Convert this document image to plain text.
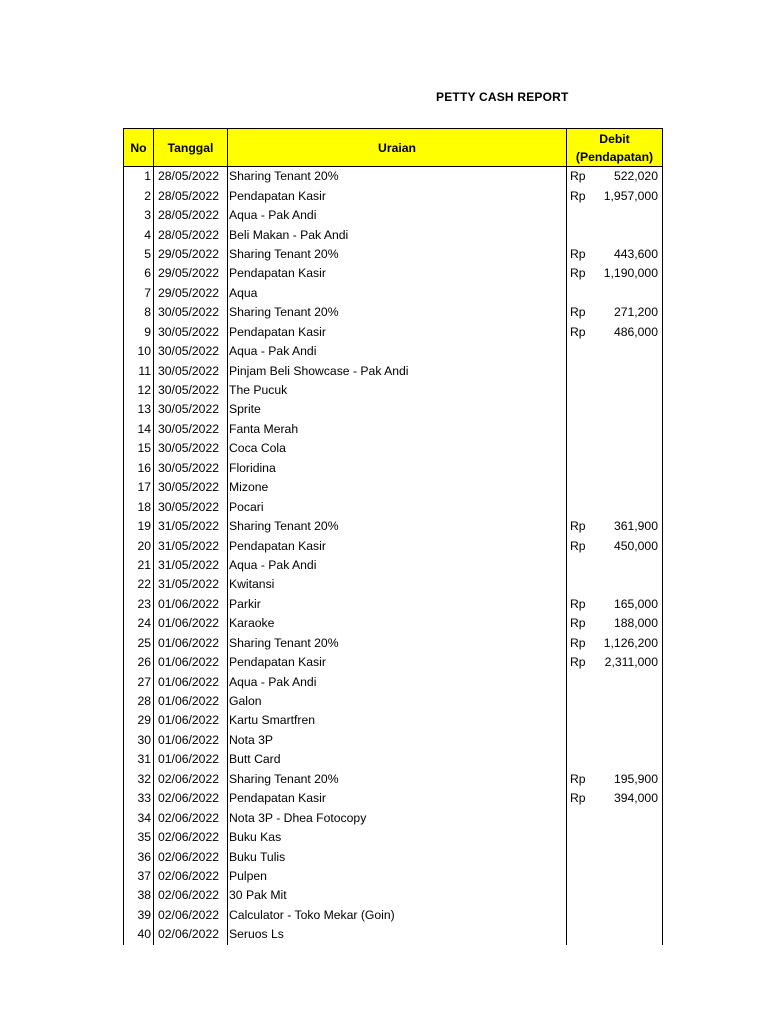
PETTY CASH REPORT
No	Tanggal	Uraian	Debit
(Pendapatan)	

1	28/05/2022	Sharing Tenant 20%	Rp	522,020
2	28/05/2022	Pendapatan Kasir	Rp	1,957,000
3	28/05/2022	Aqua - Pak Andi		
4	28/05/2022	Beli Makan - Pak Andi		
5	29/05/2022	Sharing Tenant 20%	Rp	443,600
6	29/05/2022	Pendapatan Kasir	Rp	1,190,000
7	29/05/2022	Aqua		
8	30/05/2022	Sharing Tenant 20%	Rp	271,200
9	30/05/2022	Pendapatan Kasir	Rp	486,000
10	30/05/2022	Aqua - Pak Andi		
11	30/05/2022	Pinjam Beli Showcase - Pak Andi		
12	30/05/2022	The Pucuk		
13	30/05/2022	Sprite		
14	30/05/2022	Fanta Merah		
15	30/05/2022	Coca Cola		
16	30/05/2022	Floridina		
17	30/05/2022	Mizone		
18	30/05/2022	Pocari		
19	31/05/2022	Sharing Tenant 20%	Rp	361,900
20	31/05/2022	Pendapatan Kasir	Rp	450,000
21	31/05/2022	Aqua - Pak Andi		
22	31/05/2022	Kwitansi		
23	01/06/2022	Parkir	Rp	165,000
24	01/06/2022	Karaoke	Rp	188,000
25	01/06/2022	Sharing Tenant 20%	Rp	1,126,200
26	01/06/2022	Pendapatan Kasir	Rp	2,311,000
27	01/06/2022	Aqua - Pak Andi		
28	01/06/2022	Galon		
29	01/06/2022	Kartu Smartfren		
30	01/06/2022	Nota 3P		
31	01/06/2022	Butt Card		
32	02/06/2022	Sharing Tenant 20%	Rp	195,900
33	02/06/2022	Pendapatan Kasir	Rp	394,000
34	02/06/2022	Nota 3P - Dhea Fotocopy		
35	02/06/2022	Buku Kas		
36	02/06/2022	Buku Tulis		
37	02/06/2022	Pulpen		
38	02/06/2022	30 Pak Mit		
39	02/06/2022	Calculator - Toko Mekar (Goin)		
40	02/06/2022	Seruos Ls		
